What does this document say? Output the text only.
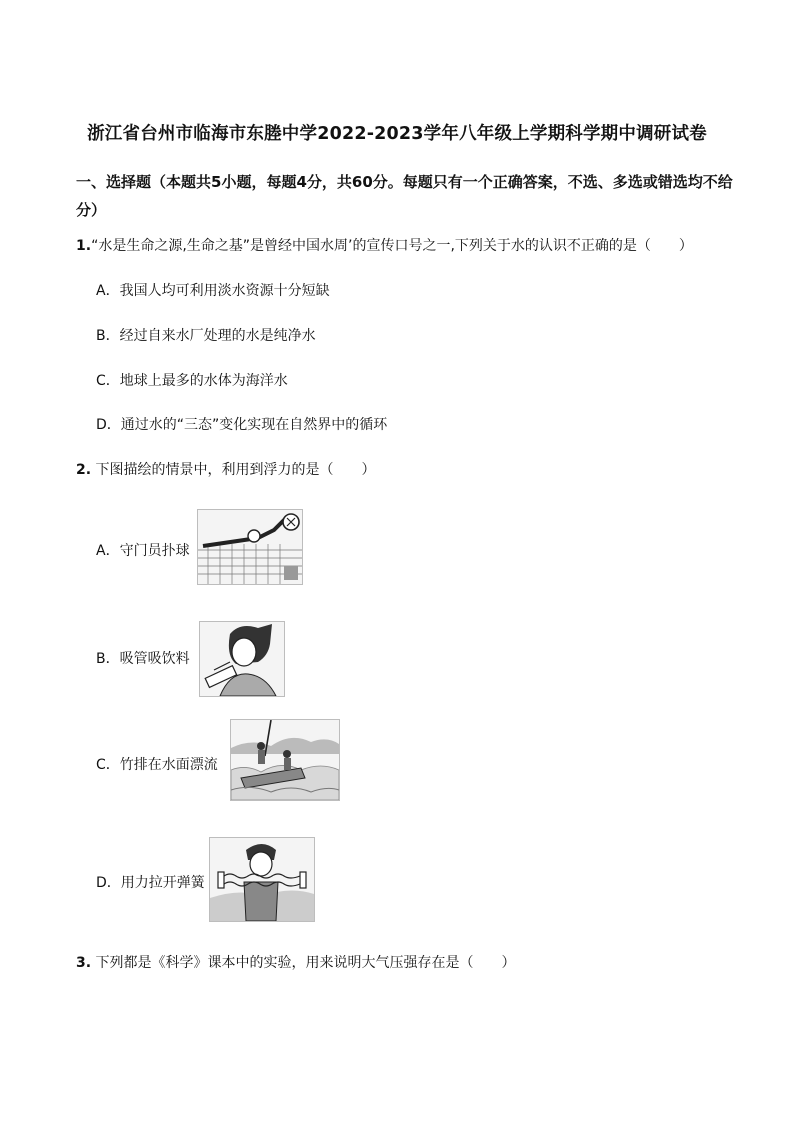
浙江省台州市临海市东塍中学2022-2023学年八年级上学期科学期中调研试卷
一、选择题（本题共5小题，每题4分，共60分。每题只有一个正确答案，不选、多选或错选均不给分）
1.“水是生命之源,生命之基”是曾经中国水周’的宣传口号之一,下列关于水的认识不正确的是（　　）
A．我国人均可利用淡水资源十分短缺
B．经过自来水厂处理的水是纯净水
C．地球上最多的水体为海洋水
D．通过水的“三态”变化实现在自然界中的循环
2. 下图描绘的情景中，利用到浮力的是（　　）
A．守门员扑球
B．吸管吸饮料
C．竹排在水面漂流
D．用力拉开弹簧
3. 下列都是《科学》课本中的实验，用来说明大气压强存在是（　　）
